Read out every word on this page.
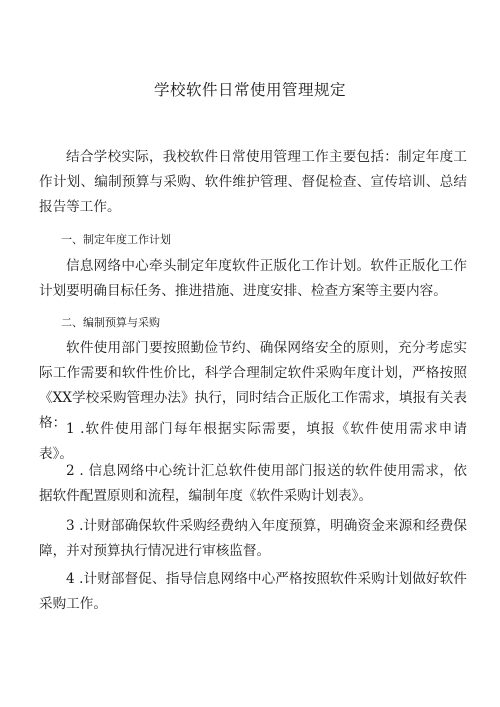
学校软件日常使用管理规定

结合学校实际，我校软件日常使用管理工作主要包括：制定年度工作计划、编制预算与采购、软件维护管理、督促检查、宣传培训、总结报告等工作。

一、制定年度工作计划

信息网络中心牵头制定年度软件正版化工作计划。软件正版化工作计划要明确目标任务、推进措施、进度安排、检查方案等主要内容。

二、编制预算与采购

软件使用部门要按照勤俭节约、确保网络安全的原则，充分考虑实际工作需要和软件性价比，科学合理制定软件采购年度计划，严格按照《XX学校采购管理办法》执行，同时结合正版化工作需求，填报有关表格： 1 .软件使用部门每年根据实际需要，填报《软件使用需求申请表》。

2 . 信息网络中心统计汇总软件使用部门报送的软件使用需求，依据软件配置原则和流程，编制年度《软件采购计划表》。

3 .计财部确保软件采购经费纳入年度预算，明确资金来源和经费保障，并对预算执行情况进行审核监督。

4 .计财部督促、指导信息网络中心严格按照软件采购计划做好软件采购工作。
